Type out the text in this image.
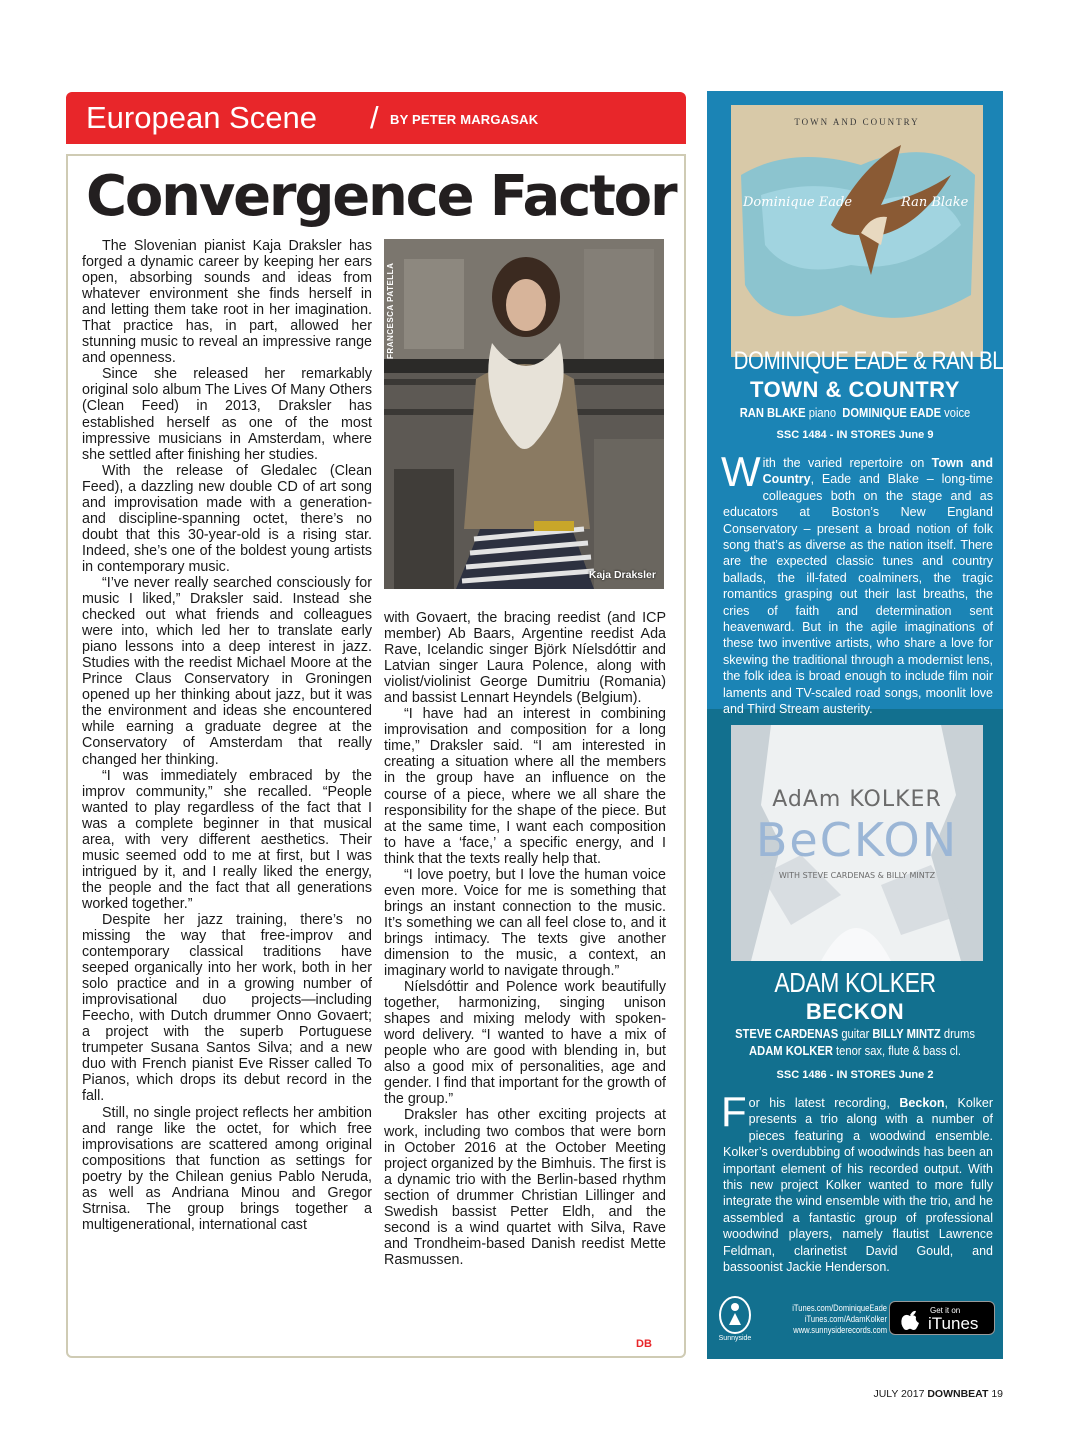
European Scene / BY PETER MARGASAK
Convergence Factor

The Slovenian pianist Kaja Draksler has forged a dynamic career by keeping her ears open, absorbing sounds and ideas from whatever environment she finds herself in and letting them take root in her imagination. That practice has, in part, allowed her stunning music to reveal an impressive range and openness.

Since she released her remarkably original solo album The Lives Of Many Others (Clean Feed) in 2013, Draksler has established herself as one of the most impressive musicians in Amsterdam, where she settled after finishing her studies.

With the release of Gledalec (Clean Feed), a dazzling new double CD of art song and improvisation made with a generation- and discipline-spanning octet, there’s no doubt that this 30-year-old is a rising star. Indeed, she’s one of the boldest young artists in contemporary music.

“I’ve never really searched consciously for music I liked,” Draksler said. Instead she checked out what friends and colleagues were into, which led her to translate early piano lessons into a deep interest in jazz. Studies with the reedist Michael Moore at the Prince Claus Conservatory in Groningen opened up her thinking about jazz, but it was the environment and ideas she encountered while earning a graduate degree at the Conservatory of Amsterdam that really changed her thinking.

“I was immediately embraced by the improv community,” she recalled. “People wanted to play regardless of the fact that I was a complete beginner in that musical area, with very different aesthetics. Their music seemed odd to me at first, but I was intrigued by it, and I really liked the energy, the people and the fact that all generations worked together.”

Despite her jazz training, there’s no missing the way that free-improv and contemporary classical traditions have seeped organically into her work, both in her solo practice and in a growing number of improvisational duo projects—including Feecho, with Dutch drummer Onno Govaert; a project with the superb Portuguese trumpeter Susana Santos Silva; and a new duo with French pianist Eve Risser called To Pianos, which drops its debut record in the fall.

Still, no single project reflects her ambition and range like the octet, for which free improvisations are scattered among original compositions that function as settings for poetry by the Chilean genius Pablo Neruda, as well as Andriana Minou and Gregor Strnisa. The group brings together a multigenerational, international cast

FRANCESCA PATELLA
Kaja Draksler
with Govaert, the bracing reedist (and ICP member) Ab Baars, Argentine reedist Ada Rave, Icelandic singer Björk Níelsdóttir and Latvian singer Laura Polence, along with violist/violinist George Dumitriu (Romania) and bassist Lennart Heyndels (Belgium).

“I have had an interest in combining improvisation and composition for a long time,” Draksler said. “I am interested in creating a situation where all the members in the group have an influence on the course of a piece, where we all share the responsibility for the shape of the piece. But at the same time, I want each composition to have a ‘face,’ a specific energy, and I think that the texts really help that.

“I love poetry, but I love the human voice even more. Voice for me is something that brings an instant connection to the music. It’s something we can all feel close to, and it brings intimacy. The texts give another dimension to the music, a context, an imaginary world to navigate through.”

Níelsdóttir and Polence work beautifully together, harmonizing, singing unison shapes and mixing melody with spoken-word delivery. “I wanted to have a mix of people who are good with blending in, but also a good mix of personalities, age and gender. I find that important for the growth of the group.”

Draksler has other exciting projects at work, including two combos that were born in October 2016 at the October Meeting project organized by the Bimhuis. The first is a dynamic trio with the Berlin-based rhythm section of drummer Christian Lillinger and Swedish bassist Petter Eldh, and the second is a wind quartet with Silva, Rave and Trondheim-based Danish reedist Mette Rasmussen.

DB
TOWN AND COUNTRY
Dominique Eade	Ran Blake
DOMINIQUE EADE & RAN BLAKE
TOWN & COUNTRY
RAN BLAKE piano DOMINIQUE EADE voice
SSC 1484 - IN STORES June 9
With the varied repertoire on Town and Country, Eade and Blake – long-time colleagues both on the stage and as educators at Boston’s New England Conservatory – present a broad notion of folk song that’s as diverse as the nation itself. There are the expected classic tunes and country ballads, the ill-fated coalminers, the tragic romantics grasping out their last breaths, the cries of faith and determination sent heavenward. But in the agile imaginations of these two inventive artists, who share a love for skewing the traditional through a modernist lens, the folk idea is broad enough to include film noir laments and TV-scaled road songs, moonlit love and Third Stream austerity.
AdAm KOLKER
BeCKON
WITH STEVE CARDENAS & BILLY MINTZ
ADAM KOLKER
BECKON
STEVE CARDENAS guitar BILLY MINTZ drums
ADAM KOLKER tenor sax, flute & bass cl.
SSC 1486 - IN STORES June 2
For his latest recording, Beckon, Kolker presents a trio along with a number of pieces featuring a woodwind ensemble. Kolker’s overdubbing of woodwinds has been an important element of his recorded output. With this new project Kolker wanted to more fully integrate the wind ensemble with the trio, and he assembled a fantastic group of professional woodwind players, namely flautist Lawrence Feldman, clarinetist David Gould, and bassoonist Jackie Henderson.
Sunnyside
iTunes.com/DominiqueEade
iTunes.com/AdamKolker
www.sunnysiderecords.com
Get it on
iTunes
JULY 2017 DOWNBEAT 19
